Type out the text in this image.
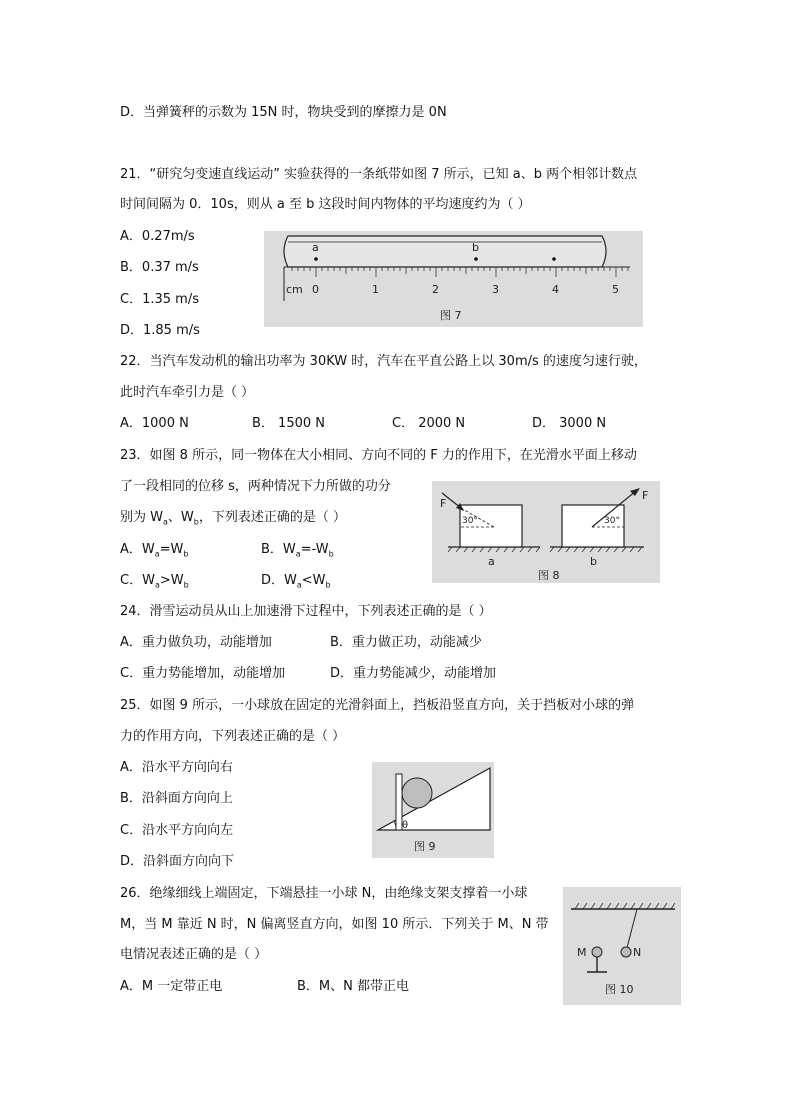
D．当弹簧秤的示数为 15N 时，物块受到的摩擦力是 0N
21．“研究匀变速直线运动” 实验获得的一条纸带如图 7 所示，已知 a、b 两个相邻计数点
时间间隔为 0．10s，则从 a 至 b 这段时间内物体的平均速度约为（ ）
A．0.27m/s
B．0.37 m/s
C．1.35 m/s
D．1.85 m/s
a	b
cm 0	1	2	3	4	5
图 7
22．当汽车发动机的输出功率为 30KW 时，汽车在平直公路上以 30m/s 的速度匀速行驶，
此时汽车牵引力是（ ）
A．1000 N	B． 1500 N	C． 2000 N	D． 3000 N
23．如图 8 所示，同一物体在大小相同、方向不同的 F 力的作用下，在光滑水平面上移动
了一段相同的位移 s，两种情况下力所做的功分
别为 $W_a$、$W_b$，下列表述正确的是（ ）
A．$W_a=W_b$	B．$W_a=-W_b$
C．$W_a>W_b$	D．$W_a<W_b$
F
30°
a
F
30°
b
图 8
24．滑雪运动员从山上加速滑下过程中，下列表述正确的是（ ）
A．重力做负功，动能增加	B．重力做正功，动能减少
C．重力势能增加，动能增加	D．重力势能减少，动能增加
25．如图 9 所示，一小球放在固定的光滑斜面上，挡板沿竖直方向，关于挡板对小球的弹
力的作用方向，下列表述正确的是（ ）
A．沿水平方向向右
B．沿斜面方向向上
C．沿水平方向向左
D．沿斜面方向向下
θ
图 9
26．绝缘细线上端固定，下端悬挂一小球 N，由绝缘支架支撑着一小球
M，当 M 靠近 N 时，N 偏离竖直方向，如图 10 所示．下列关于 M、N 带
电情况表述正确的是（ ）
A．M 一定带正电	B．M、N 都带正电
M	N
图 10
